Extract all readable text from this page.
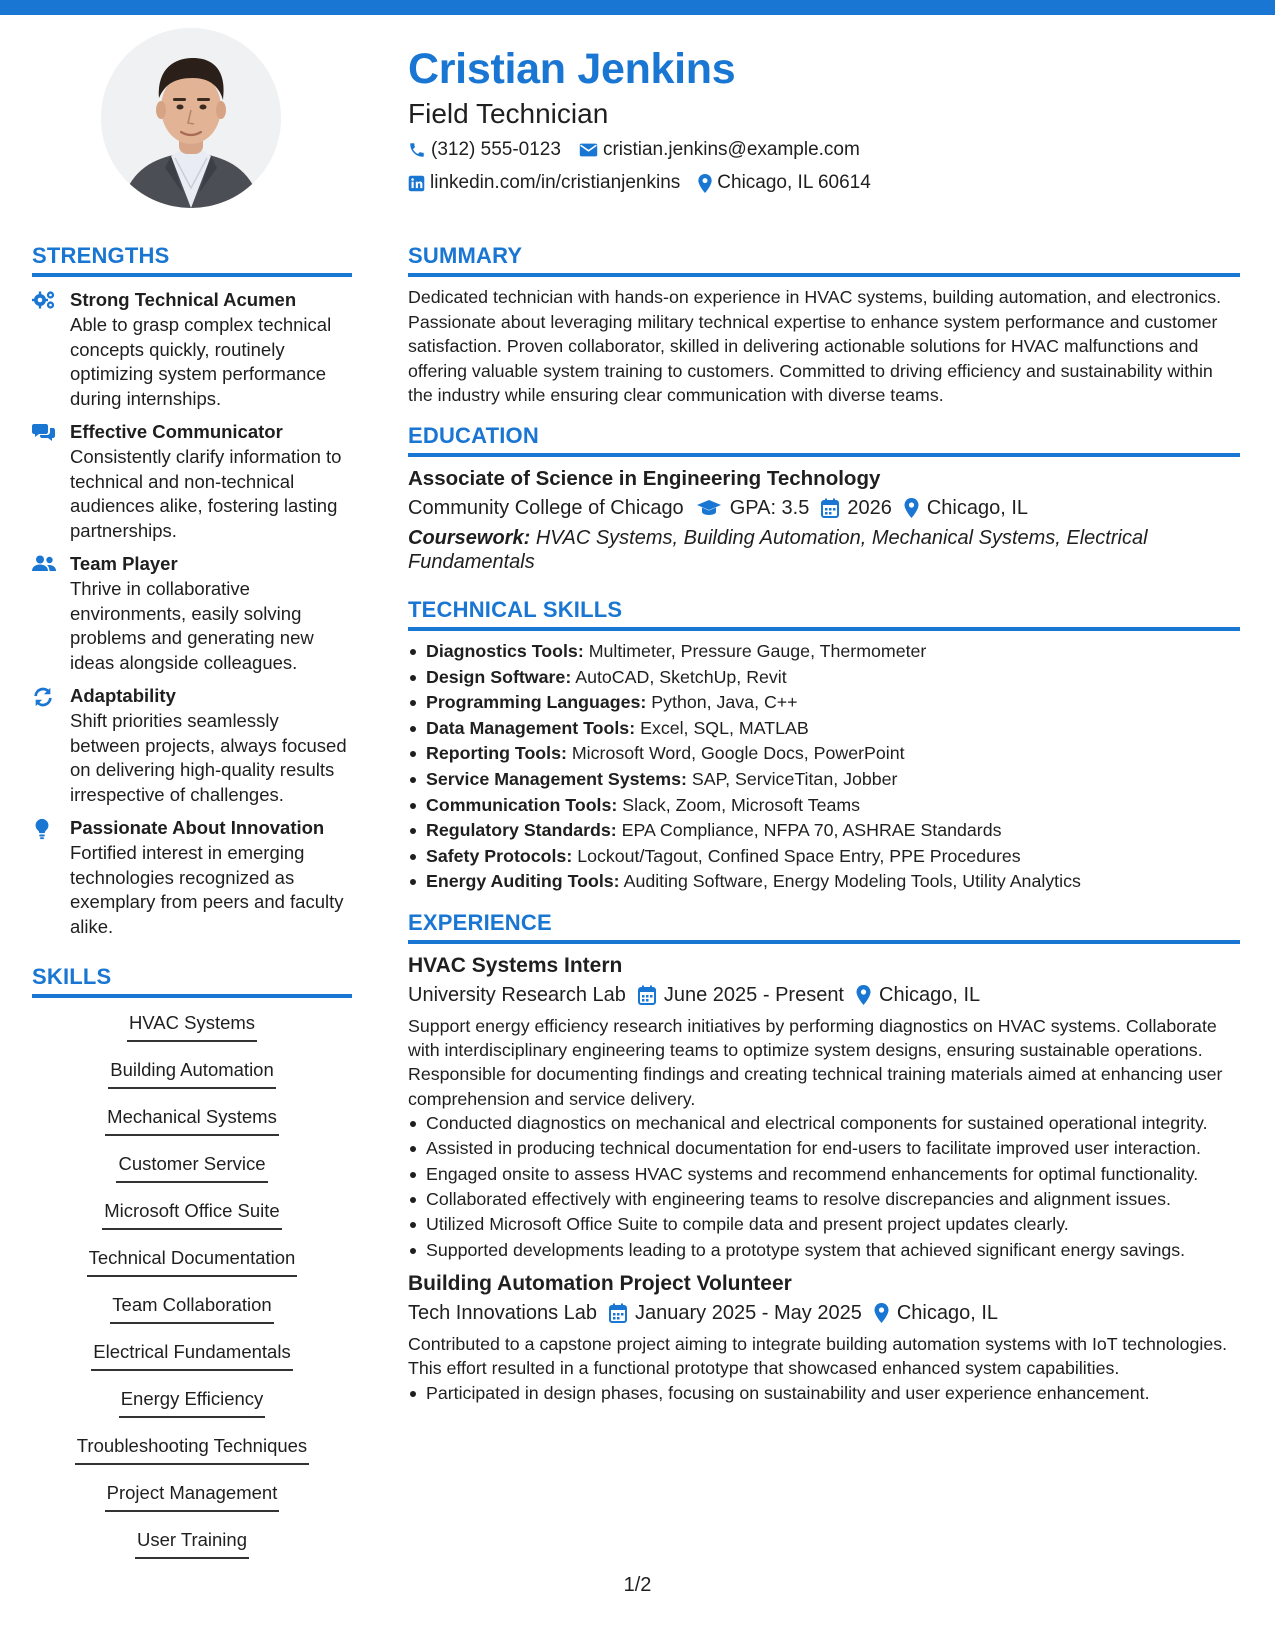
Cristian Jenkins
Field Technician
(312) 555-0123 cristian.jenkins@example.com
linkedin.com/in/cristianjenkins Chicago, IL 60614
STRENGTHS
Strong Technical Acumen
Able to grasp complex technical concepts quickly, routinely optimizing system performance during internships.
Effective Communicator
Consistently clarify information to technical and non-technical audiences alike, fostering lasting partnerships.
Team Player
Thrive in collaborative environments, easily solving problems and generating new ideas alongside colleagues.
Adaptability
Shift priorities seamlessly between projects, always focused on delivering high-quality results irrespective of challenges.
Passionate About Innovation
Fortified interest in emerging technologies recognized as exemplary from peers and faculty alike.
SKILLS
HVAC Systems
Building Automation
Mechanical Systems
Customer Service
Microsoft Office Suite
Technical Documentation
Team Collaboration
Electrical Fundamentals
Energy Efficiency
Troubleshooting Techniques
Project Management
User Training
SUMMARY
Dedicated technician with hands-on experience in HVAC systems, building automation, and electronics. Passionate about leveraging military technical expertise to enhance system performance and customer satisfaction. Proven collaborator, skilled in delivering actionable solutions for HVAC malfunctions and offering valuable system training to customers. Committed to driving efficiency and sustainability within the industry while ensuring clear communication with diverse teams.
EDUCATION
Associate of Science in Engineering Technology
Community College of Chicago GPA: 3.5 2026 Chicago, IL
Coursework: HVAC Systems, Building Automation, Mechanical Systems, Electrical Fundamentals
TECHNICAL SKILLS
Diagnostics Tools: Multimeter, Pressure Gauge, Thermometer
Design Software: AutoCAD, SketchUp, Revit
Programming Languages: Python, Java, C++
Data Management Tools: Excel, SQL, MATLAB
Reporting Tools: Microsoft Word, Google Docs, PowerPoint
Service Management Systems: SAP, ServiceTitan, Jobber
Communication Tools: Slack, Zoom, Microsoft Teams
Regulatory Standards: EPA Compliance, NFPA 70, ASHRAE Standards
Safety Protocols: Lockout/Tagout, Confined Space Entry, PPE Procedures
Energy Auditing Tools: Auditing Software, Energy Modeling Tools, Utility Analytics
EXPERIENCE
HVAC Systems Intern
University Research Lab June 2025 - Present Chicago, IL
Support energy efficiency research initiatives by performing diagnostics on HVAC systems. Collaborate with interdisciplinary engineering teams to optimize system designs, ensuring sustainable operations. Responsible for documenting findings and creating technical training materials aimed at enhancing user comprehension and service delivery.
Conducted diagnostics on mechanical and electrical components for sustained operational integrity.
Assisted in producing technical documentation for end-users to facilitate improved user interaction.
Engaged onsite to assess HVAC systems and recommend enhancements for optimal functionality.
Collaborated effectively with engineering teams to resolve discrepancies and alignment issues.
Utilized Microsoft Office Suite to compile data and present project updates clearly.
Supported developments leading to a prototype system that achieved significant energy savings.
Building Automation Project Volunteer
Tech Innovations Lab January 2025 - May 2025 Chicago, IL
Contributed to a capstone project aiming to integrate building automation systems with IoT technologies. This effort resulted in a functional prototype that showcased enhanced system capabilities.
Participated in design phases, focusing on sustainability and user experience enhancement.
1/2
